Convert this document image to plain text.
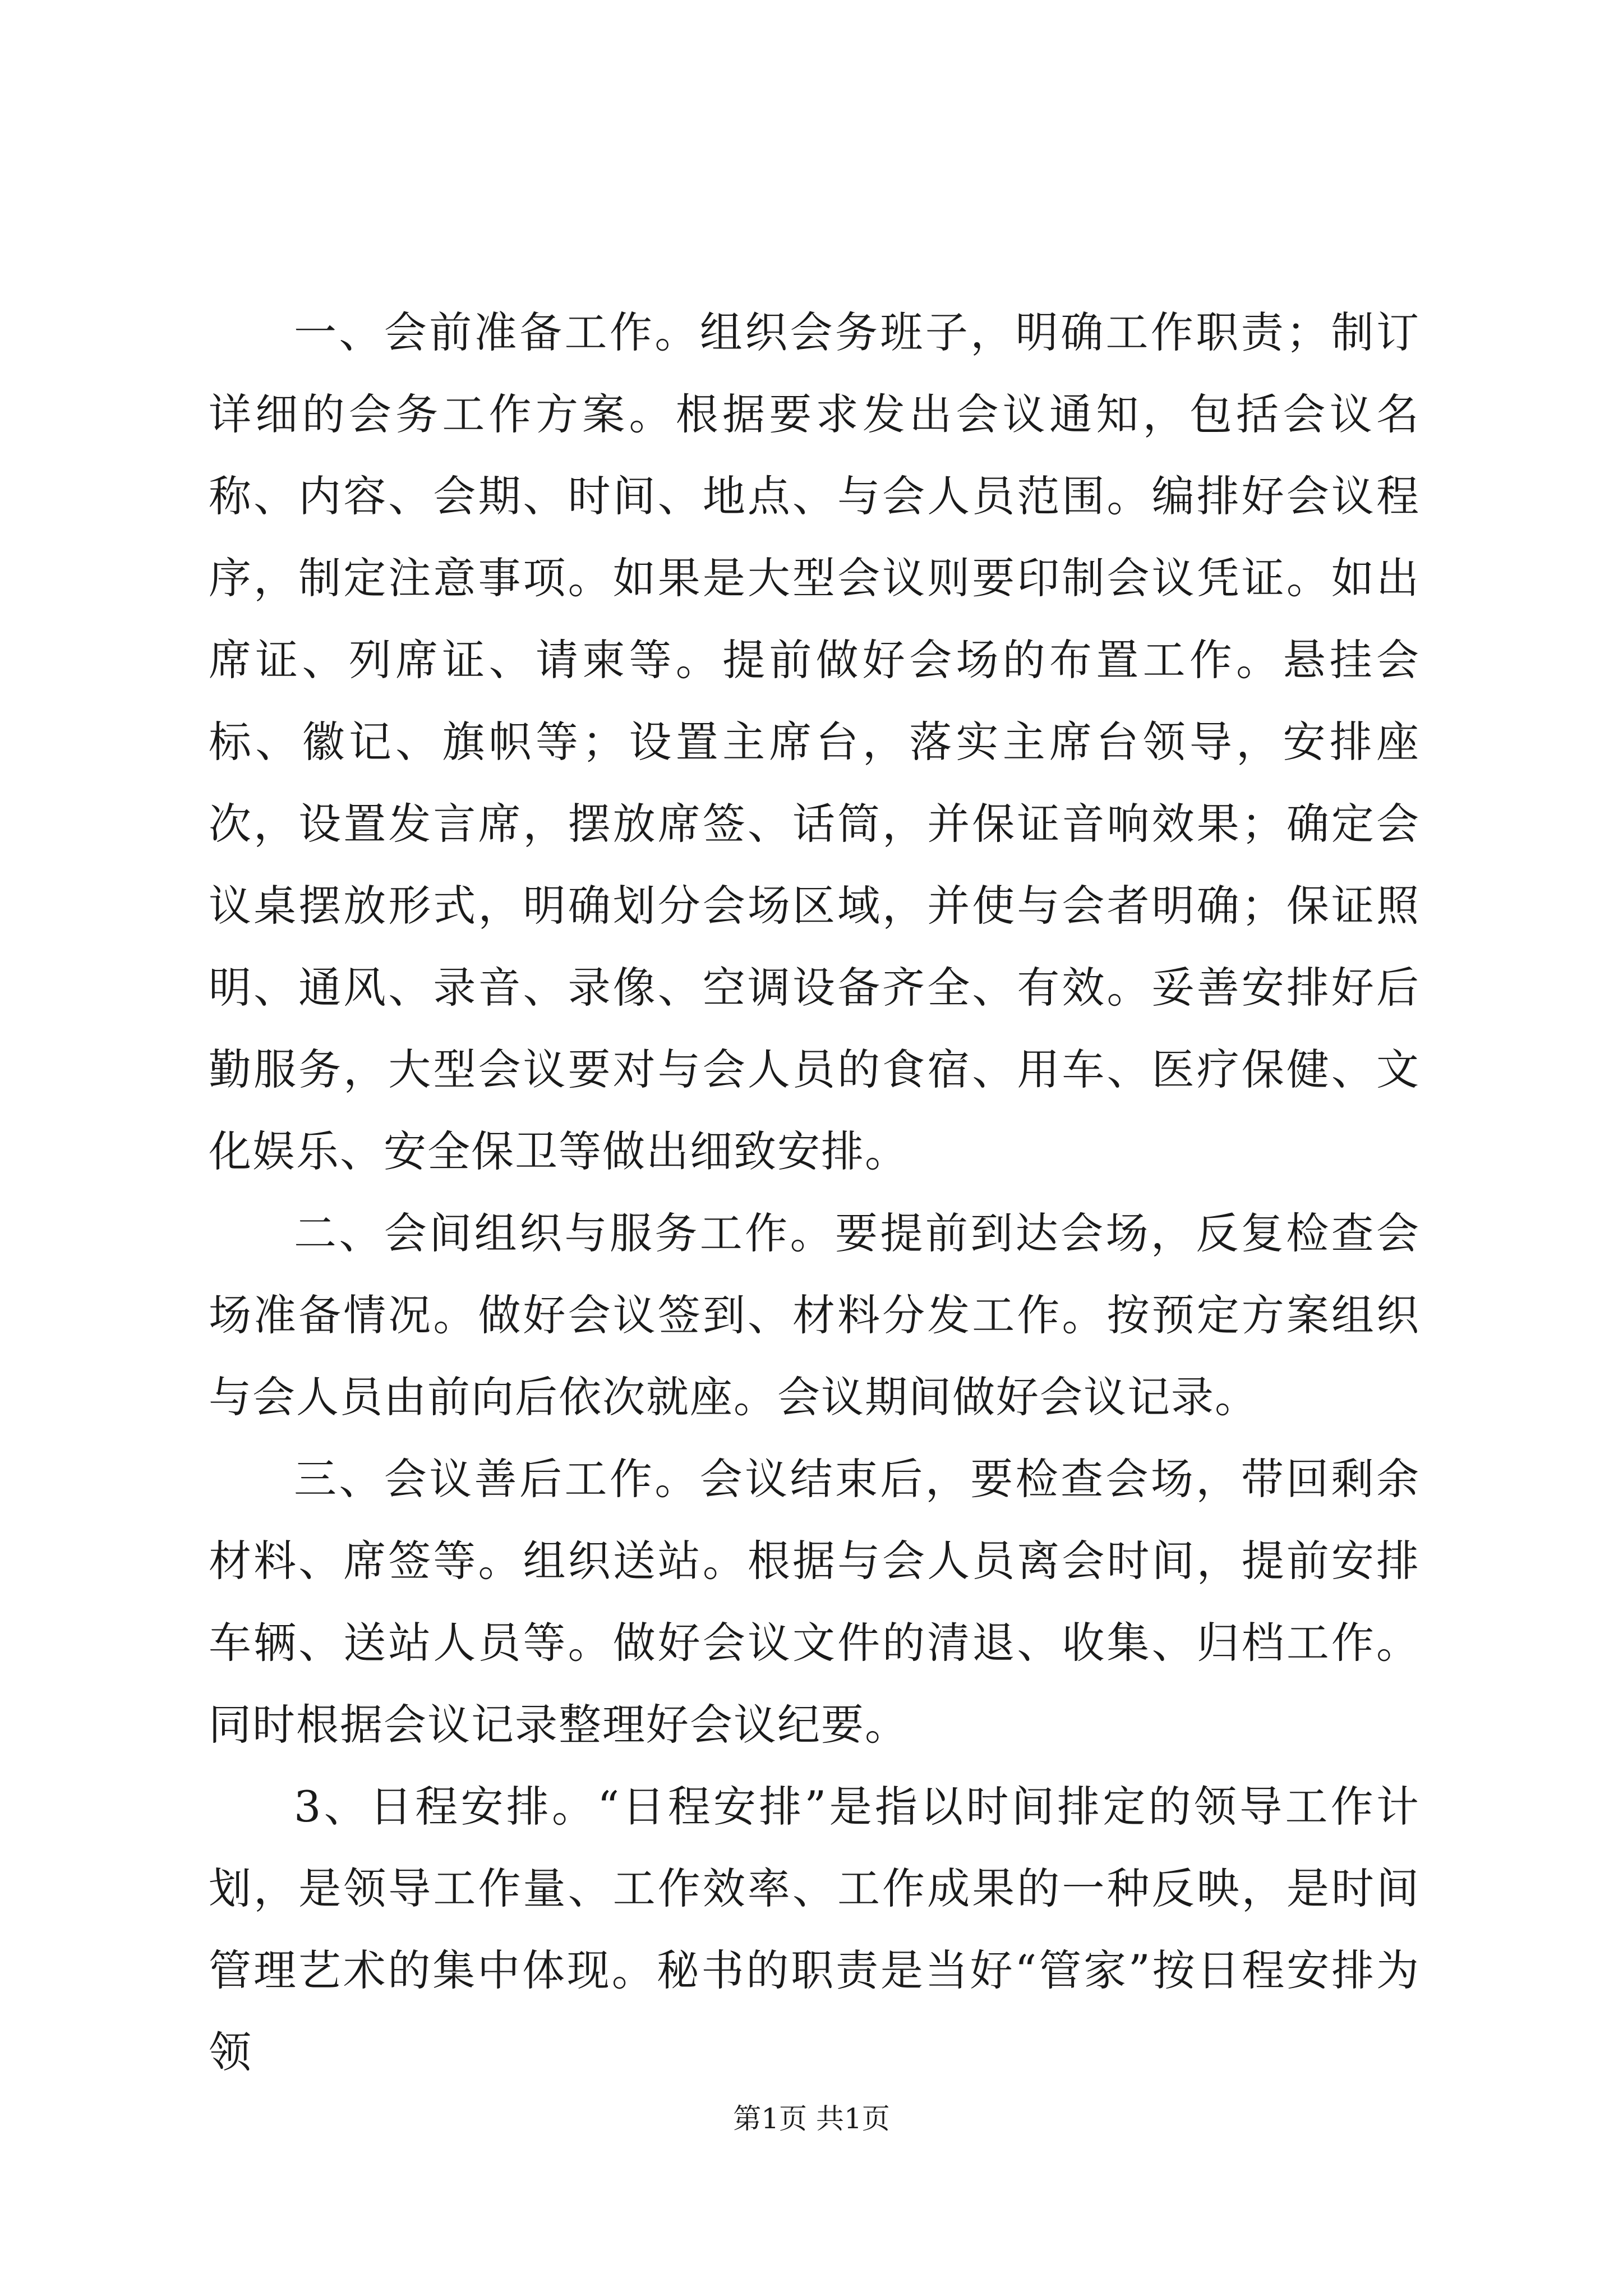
一、会前准备工作。组织会务班子，明确工作职责；制订详细的会务工作方案。根据要求发出会议通知，包括会议名称、内容、会期、时间、地点、与会人员范围。编排好会议程序，制定注意事项。如果是大型会议则要印制会议凭证。如出席证、列席证、请柬等。提前做好会场的布置工作。悬挂会标、徽记、旗帜等；设置主席台，落实主席台领导，安排座次，设置发言席，摆放席签、话筒，并保证音响效果；确定会议桌摆放形式，明确划分会场区域，并使与会者明确；保证照明、通风、录音、录像、空调设备齐全、有效。妥善安排好后勤服务，大型会议要对与会人员的食宿、用车、医疗保健、文化娱乐、安全保卫等做出细致安排。

二、会间组织与服务工作。要提前到达会场，反复检查会场准备情况。做好会议签到、材料分发工作。按预定方案组织与会人员由前向后依次就座。会议期间做好会议记录。

三、会议善后工作。会议结束后，要检查会场，带回剩余材料、席签等。组织送站。根据与会人员离会时间，提前安排车辆、送站人员等。做好会议文件的清退、收集、归档工作。同时根据会议记录整理好会议纪要。

3、日程安排。“日程安排”是指以时间排定的领导工作计划，是领导工作量、工作效率、工作成果的一种反映，是时间管理艺术的集中体现。秘书的职责是当好“管家”按日程安排为领

第1页 共1页
